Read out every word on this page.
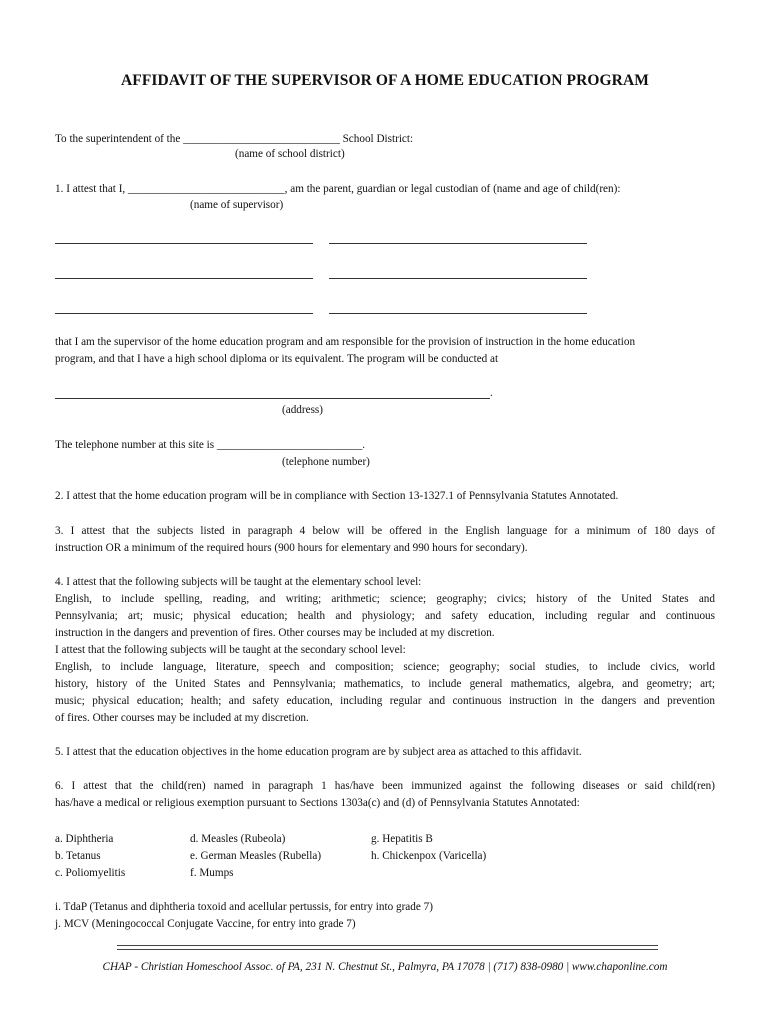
AFFIDAVIT OF THE SUPERVISOR OF A HOME EDUCATION PROGRAM
To the superintendent of the ____________________________ School District:
(name of school district)
1. I attest that I, ____________________________, am the parent, guardian or legal custodian of (name and age of child(ren):
(name of supervisor)
that I am the supervisor of the home education program and am responsible for the provision of instruction in the home education
program, and that I have a high school diploma or its equivalent. The program will be conducted at
.
(address)
The telephone number at this site is __________________________.
(telephone number)
2. I attest that the home education program will be in compliance with Section 13-1327.1 of Pennsylvania Statutes Annotated.
3. I attest that the subjects listed in paragraph 4 below will be offered in the English language for a minimum of 180 days of
instruction OR a minimum of the required hours (900 hours for elementary and 990 hours for secondary).
4. I attest that the following subjects will be taught at the elementary school level:
English, to include spelling, reading, and writing; arithmetic; science; geography; civics; history of the United States and
Pennsylvania; art; music; physical education; health and physiology; and safety education, including regular and continuous
instruction in the dangers and prevention of fires. Other courses may be included at my discretion.
I attest that the following subjects will be taught at the secondary school level:
English, to include language, literature, speech and composition; science; geography; social studies, to include civics, world
history, history of the United States and Pennsylvania; mathematics, to include general mathematics, algebra, and geometry; art;
music; physical education; health; and safety education, including regular and continuous instruction in the dangers and prevention
of fires. Other courses may be included at my discretion.
5. I attest that the education objectives in the home education program are by subject area as attached to this affidavit.
6. I attest that the child(ren) named in paragraph 1 has/have been immunized against the following diseases or said child(ren)
has/have a medical or religious exemption pursuant to Sections 1303a(c) and (d) of Pennsylvania Statutes Annotated:
a. Diphtheria
b. Tetanus
c. Poliomyelitis
d. Measles (Rubeola)
e. German Measles (Rubella)
f. Mumps
g. Hepatitis B
h. Chickenpox (Varicella)
i. TdaP (Tetanus and diphtheria toxoid and acellular pertussis, for entry into grade 7)
j. MCV (Meningococcal Conjugate Vaccine, for entry into grade 7)
CHAP - Christian Homeschool Assoc. of PA, 231 N. Chestnut St., Palmyra, PA 17078 | (717) 838-0980 | www.chaponline.com
